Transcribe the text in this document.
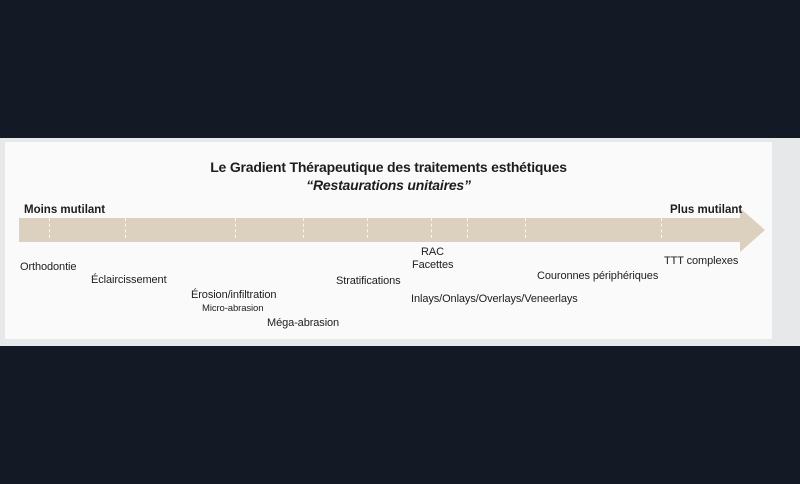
Le Gradient Thérapeutique des traitements esthétiques
“Restaurations unitaires”
Moins mutilant	Plus mutilant
Orthodontie
Éclaircissement
Érosion/infiltration
Micro-abrasion
Méga-abrasion
Stratifications
RAC
Facettes
Inlays/Onlays/Overlays/Veneerlays
Couronnes périphériques
TTT complexes	GIL TIRLET & JP ATTAL
